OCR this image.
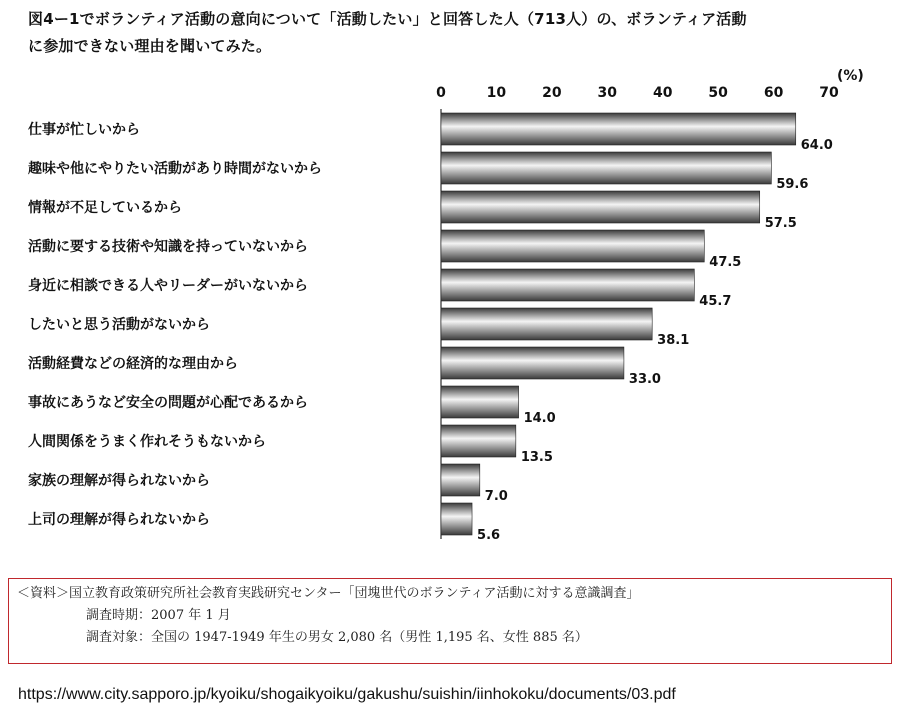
図4ー1でボランティア活動の意向について「活動したい」と回答した人（713人）の、ボランティア活動
に参加できない理由を聞いてみた。
0	10	20	30	40	50	60	70
(%)
仕事が忙しいから
趣味や他にやりたい活動があり時間がないから
情報が不足しているから
活動に要する技術や知識を持っていないから
身近に相談できる人やリーダーがいないから
したいと思う活動がないから
活動経費などの経済的な理由から
事故にあうなど安全の問題が心配であるから
人間関係をうまく作れそうもないから
家族の理解が得られないから
上司の理解が得られないから
64.0
59.6
57.5
47.5
45.7
38.1
33.0
14.0
13.5
7.0
5.6
＜資料＞国立教育政策研究所社会教育実践研究センター「団塊世代のボランティア活動に対する意識調査」
調査時期：2007 年 1 月
調査対象：全国の 1947-1949 年生の男女 2,080 名（男性 1,195 名、女性 885 名）
https://www.city.sapporo.jp/kyoiku/shogaikyoiku/gakushu/suishin/iinhokoku/documents/03.pdf
